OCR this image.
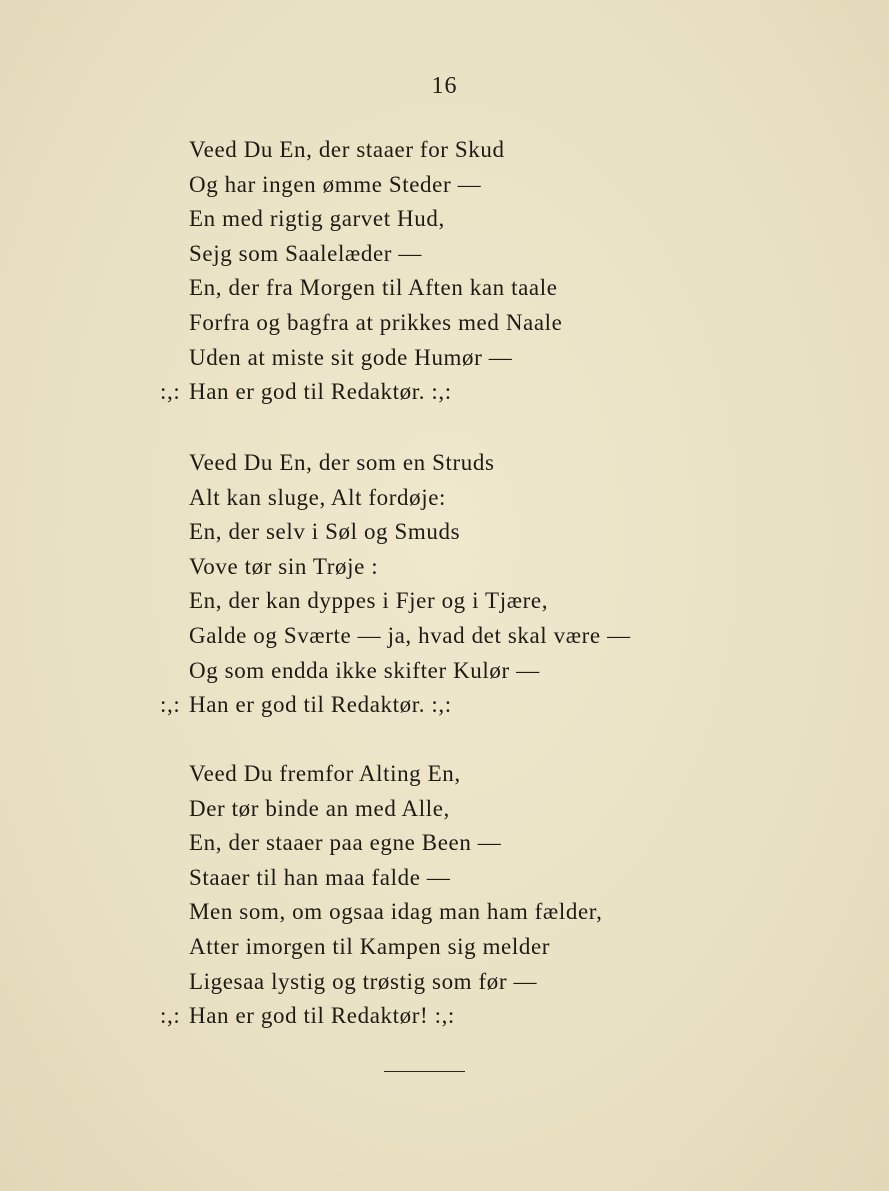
16
Veed Du En, der staaer for Skud
Og har ingen ømme Steder —
En med rigtig garvet Hud,
Sejg som Saalelæder —
En, der fra Morgen til Aften kan taale
Forfra og bagfra at prikkes med Naale
Uden at miste sit gode Humør —
:,: Han er god til Redaktør. :,:
Veed Du En, der som en Struds
Alt kan sluge, Alt fordøje:
En, der selv i Søl og Smuds
Vove tør sin Trøje :
En, der kan dyppes i Fjer og i Tjære,
Galde og Sværte — ja, hvad det skal være —
Og som endda ikke skifter Kulør —
:,: Han er god til Redaktør. :,:
Veed Du fremfor Alting En,
Der tør binde an med Alle,
En, der staaer paa egne Been —
Staaer til han maa falde —
Men som, om ogsaa idag man ham fælder,
Atter imorgen til Kampen sig melder
Ligesaa lystig og trøstig som før —
:,: Han er god til Redaktør! :,:
